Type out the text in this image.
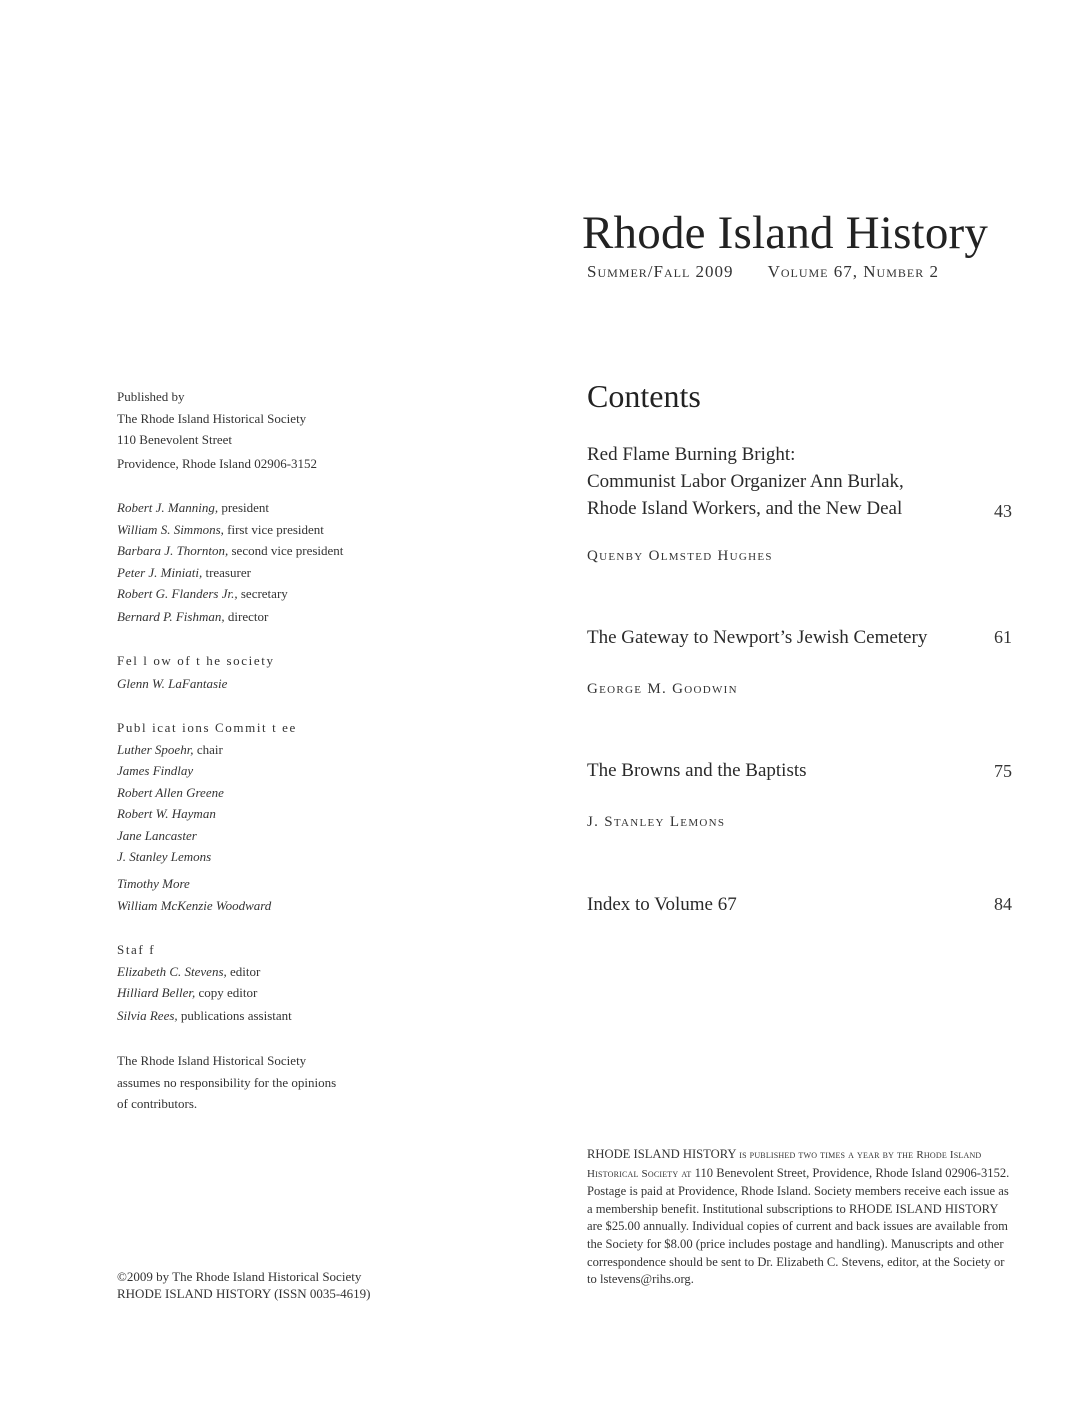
Rhode Island History
Summer/Fall 2009 Volume 67, Number 2
Contents
Red Flame Burning Bright:
Communist Labor Organizer Ann Burlak,
Rhode Island Workers, and the New Deal	43
Quenby Olmsted Hughes
The Gateway to Newport’s Jewish Cemetery	61
George M. Goodwin
The Browns and the Baptists	75
J. Stanley Lemons
Index to Volume 67	84
Published by
The Rhode Island Historical Society
110 Benevolent Street
Providence, Rhode Island 02906-3152
Robert J. Manning, president
William S. Simmons, first vice president
Barbara J. Thornton, second vice president
Peter J. Miniati, treasurer
Robert G. Flanders Jr., secretary
Bernard P. Fishman, director
Fel l ow of t he society
Glenn W. LaFantasie
Publ icat ions Commit t ee
Luther Spoehr, chair
James Findlay
Robert Allen Greene
Robert W. Hayman
Jane Lancaster
J. Stanley Lemons
Timothy More
William McKenzie Woodward
Staf f
Elizabeth C. Stevens, editor
Hilliard Beller, copy editor
Silvia Rees, publications assistant
The Rhode Island Historical Society
assumes no responsibility for the opinions
of contributors.
©2009 by The Rhode Island Historical Society
RHODE ISLAND HISTORY (ISSN 0035-4619)
RHODE ISLAND HISTORY is published two times a year by the Rhode Island Historical Society at 110 Benevolent Street, Providence, Rhode Island 02906-3152. Postage is paid at Providence, Rhode Island. Society members receive each issue as a membership benefit. Institutional subscriptions to RHODE ISLAND HISTORY are $25.00 annually. Individual copies of current and back issues are available from the Society for $8.00 (price includes postage and handling). Manuscripts and other correspondence should be sent to Dr. Elizabeth C. Stevens, editor, at the Society or to lstevens@rihs.org.
